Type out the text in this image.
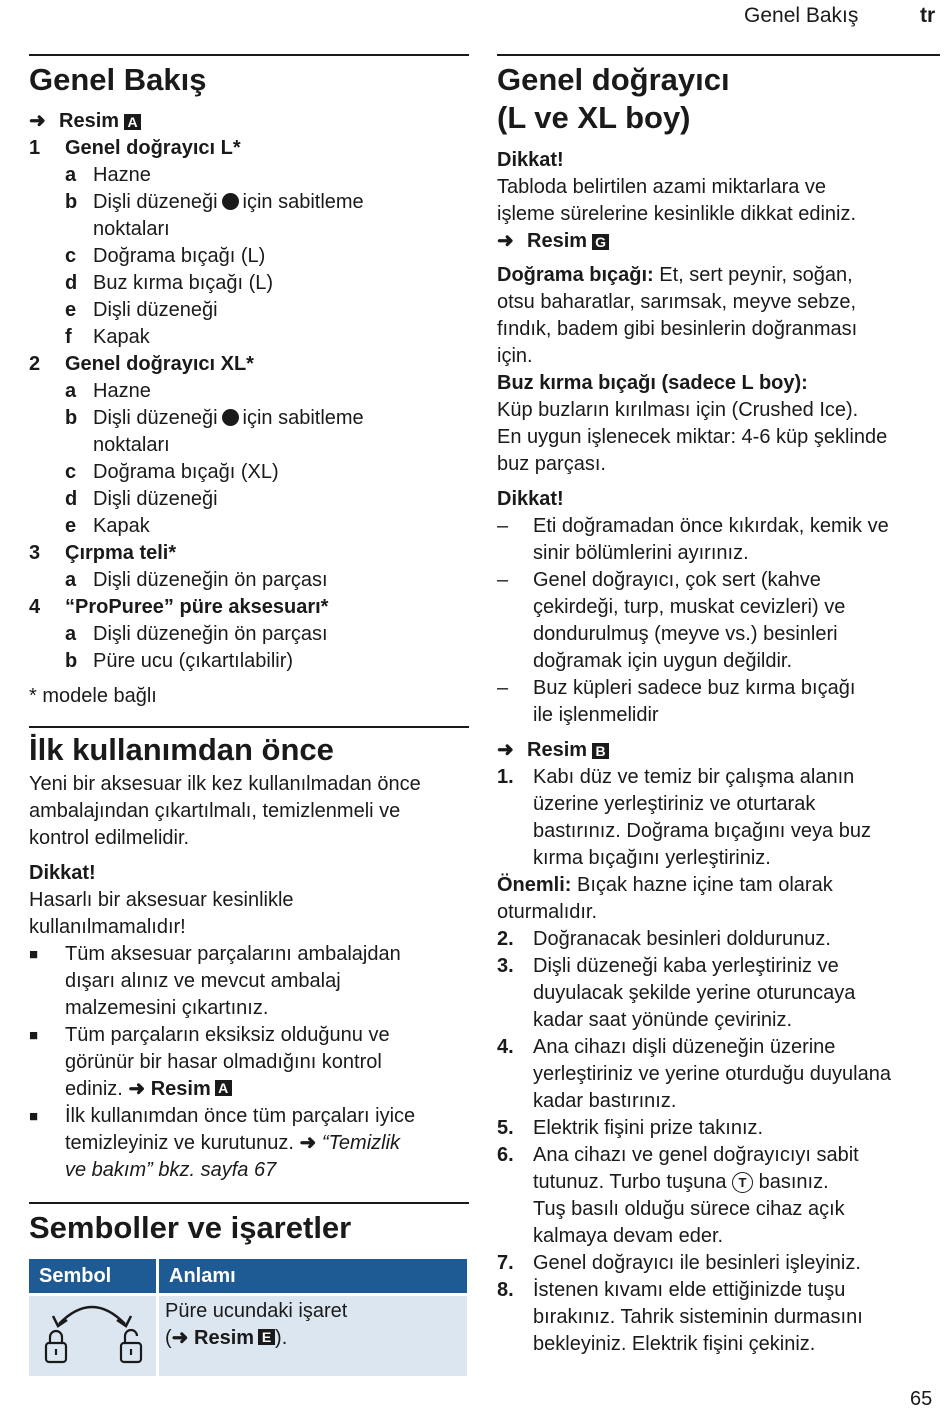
Genel Bakış	tr
Genel Bakış
➜ Resim A
1	Genel doğrayıcı L*
a Hazne
b Dişli düzeneği için sabitleme
noktaları
c Doğrama bıçağı (L)
d Buz kırma bıçağı (L)
e Dişli düzeneği
f	Kapak
2	Genel doğrayıcı XL*
a Hazne
b Dişli düzeneği için sabitleme
noktaları
c Doğrama bıçağı (XL)
d Dişli düzeneği
e Kapak
3	Çırpma teli*
a Dişli düzeneğin ön parçası
4	“ProPuree” püre aksesuarı*
a Dişli düzeneğin ön parçası
b Püre ucu (çıkartılabilir)
* modele bağlı
İlk kullanımdan önce
Yeni bir aksesuar ilk kez kullanılmadan önce
ambalajından çıkartılmalı, temizlenmeli ve
kontrol edilmelidir.
Dikkat!
Hasarlı bir aksesuar kesinlikle
kullanılmamalıdır!
■	Tüm aksesuar parçalarını ambalajdan
dışarı alınız ve mevcut ambalaj
malzemesini çıkartınız.
■	Tüm parçaların eksiksiz olduğunu ve
görünür bir hasar olmadığını kontrol
ediniz. ➜ Resim A
■	İlk kullanımdan önce tüm parçaları iyice
temizleyiniz ve kurutunuz. ➜ “Temizlik
ve bakım” bkz. sayfa 67
Semboller ve işaretler
Sembol	Anlamı

Püre ucundaki işaret
(➜ Resim E ).
Genel doğrayıcı
(L ve XL boy)
Dikkat!
Tabloda belirtilen azami miktarlara ve
işleme sürelerine kesinlikle dikkat ediniz.
➜ Resim G
Doğrama bıçağı: Et, sert peynir, soğan,
otsu baharatlar, sarımsak, meyve sebze,
fındık, badem gibi besinlerin doğranması
için.
Buz kırma bıçağı (sadece L boy):
Küp buzların kırılması için (Crushed Ice).
En uygun işlenecek miktar: 4-6 küp şeklinde
buz parçası.
Dikkat!
–	Eti doğramadan önce kıkırdak, kemik ve
sinir bölümlerini ayırınız.
–	Genel doğrayıcı, çok sert (kahve
çekirdeği, turp, muskat cevizleri) ve
dondurulmuş (meyve vs.) besinleri
doğramak için uygun değildir.
–	Buz küpleri sadece buz kırma bıçağı
ile işlenmelidir
➜ Resim B
1. Kabı düz ve temiz bir çalışma alanın
üzerine yerleştiriniz ve oturtarak
bastırınız. Doğrama bıçağını veya buz
kırma bıçağını yerleştiriniz.
Önemli: Bıçak hazne içine tam olarak
oturmalıdır.
2. Doğranacak besinleri doldurunuz.
3. Dişli düzeneği kaba yerleştiriniz ve
duyulacak şekilde yerine oturuncaya
kadar saat yönünde çeviriniz.
4. Ana cihazı dişli düzeneğin üzerine
yerleştiriniz ve yerine oturduğu duyulana
kadar bastırınız.
5. Elektrik fişini prize takınız.
6. Ana cihazı ve genel doğrayıcıyı sabit
tutunuz. Turbo tuşuna T basınız.
Tuş basılı olduğu sürece cihaz açık
kalmaya devam eder.
7. Genel doğrayıcı ile besinleri işleyiniz.
8. İstenen kıvamı elde ettiğinizde tuşu
bırakınız. Tahrik sisteminin durmasını
bekleyiniz. Elektrik fişini çekiniz.
65
